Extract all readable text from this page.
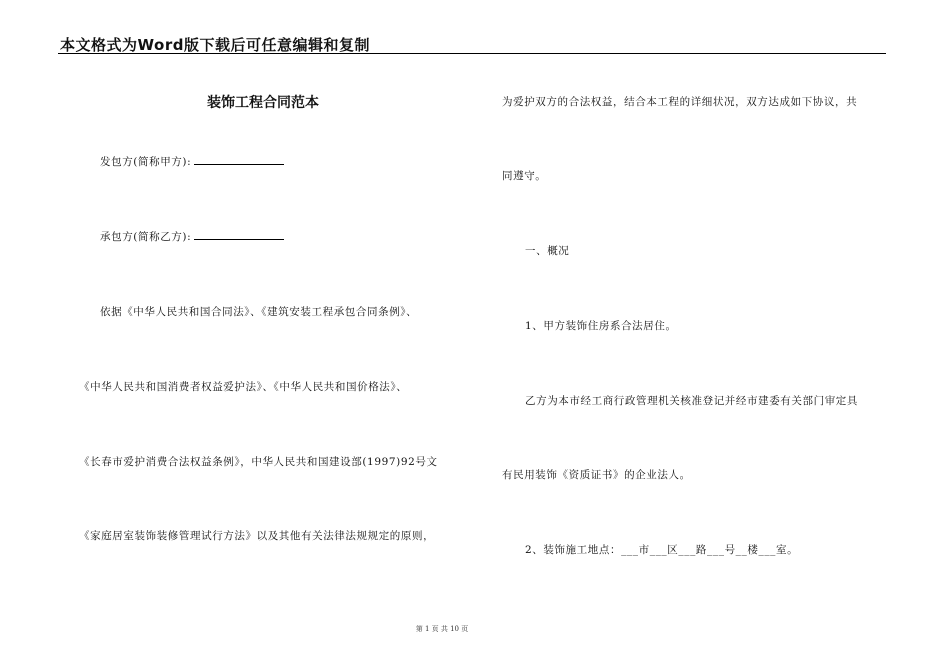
本文格式为Word版下载后可任意编辑和复制
装饰工程合同范本
发包方(简称甲方):
承包方(简称乙方):
依据《中华人民共和国合同法》、《建筑安装工程承包合同条例》、
《中华人民共和国消费者权益爱护法》、《中华人民共和国价格法》、
《长春市爱护消费合法权益条例》，中华人民共和国建设部(1997)92号文
《家庭居室装饰装修管理试行方法》以及其他有关法律法规规定的原则，
为爱护双方的合法权益，结合本工程的详细状况，双方达成如下协议，共
同遵守。
一、概况
1、甲方装饰住房系合法居住。
乙方为本市经工商行政管理机关核准登记并经市建委有关部门审定具
有民用装饰《资质证书》的企业法人。
2、装饰施工地点：___市___区___路___号__楼___室。
第 1 页 共 10 页
